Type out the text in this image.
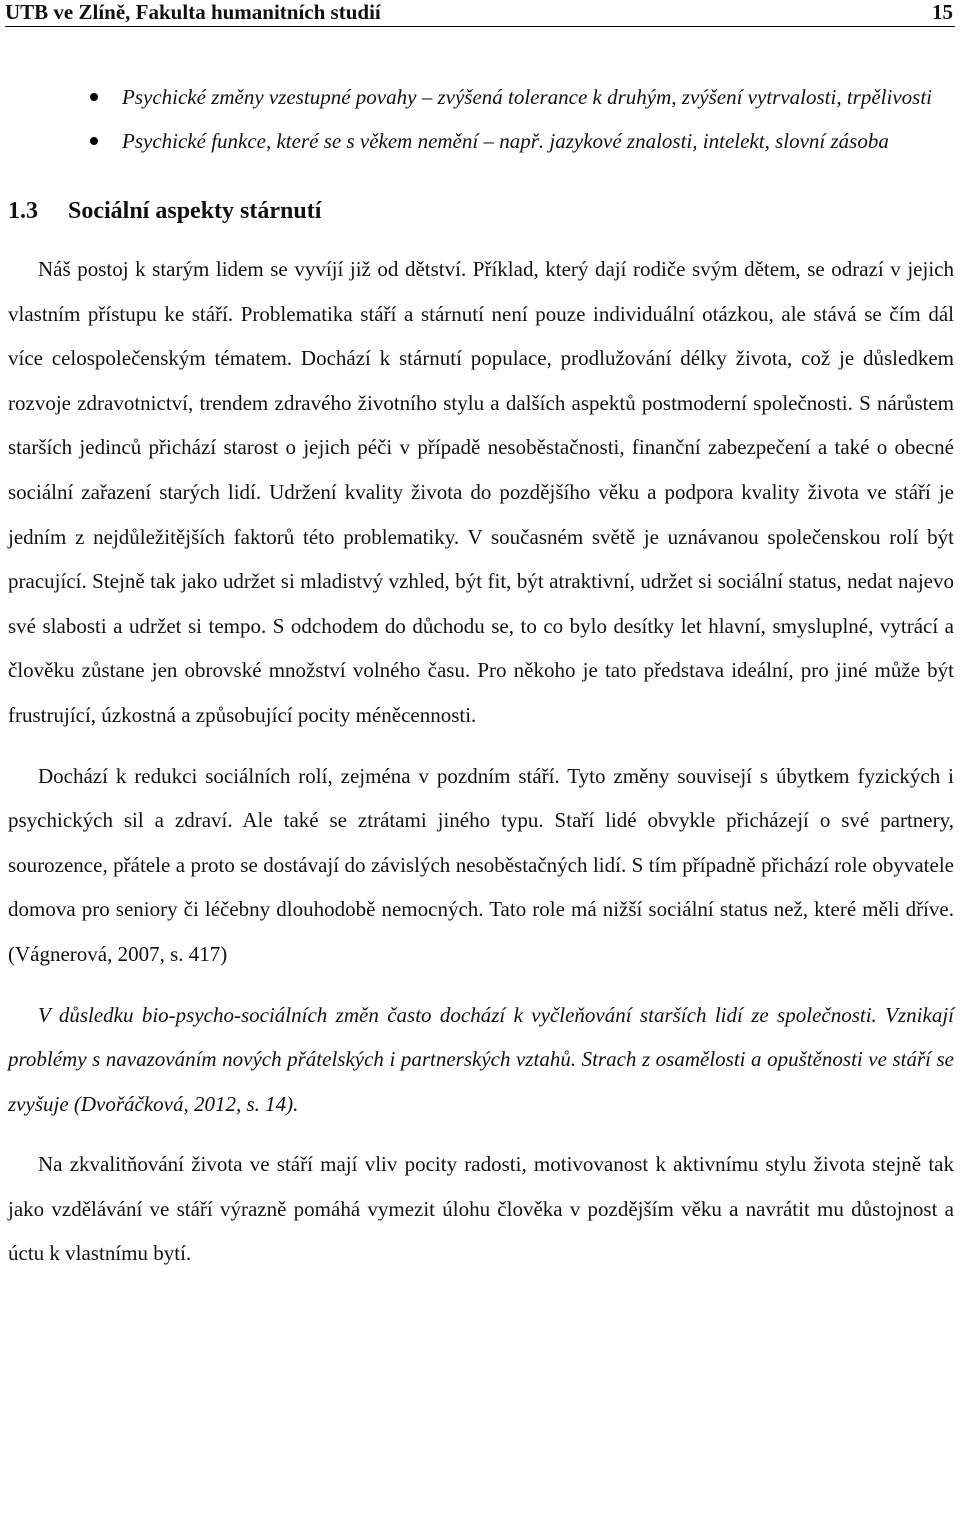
UTB ve Zlíně, Fakulta humanitních studií	15
Psychické změny vzestupné povahy – zvýšená tolerance k druhým, zvýšení vytrvalosti, trpělivosti
Psychické funkce, které se s věkem nemění – např. jazykové znalosti, intelekt, slovní zásoba
1.3 Sociální aspekty stárnutí

Náš postoj k starým lidem se vyvíjí již od dětství. Příklad, který dají rodiče svým dětem, se odrazí v jejich vlastním přístupu ke stáří. Problematika stáří a stárnutí není pouze individuální otázkou, ale stává se čím dál více celospolečenským tématem. Dochází k stárnutí populace, prodlužování délky života, což je důsledkem rozvoje zdravotnictví, trendem zdravého životního stylu a dalších aspektů postmoderní společnosti. S nárůstem starších jedinců přichází starost o jejich péči v případě nesoběstačnosti, finanční zabezpečení a také o obecné sociální zařazení starých lidí. Udržení kvality života do pozdějšího věku a podpora kvality života ve stáří je jedním z nejdůležitějších faktorů této problematiky. V současném světě je uznávanou společenskou rolí být pracující. Stejně tak jako udržet si mladistvý vzhled, být fit, být atraktivní, udržet si sociální status, nedat najevo své slabosti a udržet si tempo. S odchodem do důchodu se, to co bylo desítky let hlavní, smysluplné, vytrácí a člověku zůstane jen obrovské množství volného času. Pro někoho je tato představa ideální, pro jiné může být frustrující, úzkostná a způsobující pocity méněcennosti.

Dochází k redukci sociálních rolí, zejména v pozdním stáří. Tyto změny souvisejí s úbytkem fyzických i psychických sil a zdraví. Ale také se ztrátami jiného typu. Staří lidé obvykle přicházejí o své partnery, sourozence, přátele a proto se dostávají do závislých nesoběstačných lidí. S tím případně přichází role obyvatele domova pro seniory či léčebny dlouhodobě nemocných. Tato role má nižší sociální status než, které měli dříve. (Vágnerová, 2007, s. 417)

V důsledku bio-psycho-sociálních změn často dochází k vyčleňování starších lidí ze společnosti. Vznikají problémy s navazováním nových přátelských i partnerských vztahů. Strach z osamělosti a opuštěnosti ve stáří se zvyšuje (Dvořáčková, 2012, s. 14).

Na zkvalitňování života ve stáří mají vliv pocity radosti, motivovanost k aktivnímu stylu života stejně tak jako vzdělávání ve stáří výrazně pomáhá vymezit úlohu člověka v pozdějším věku a navrátit mu důstojnost a úctu k vlastnímu bytí.
